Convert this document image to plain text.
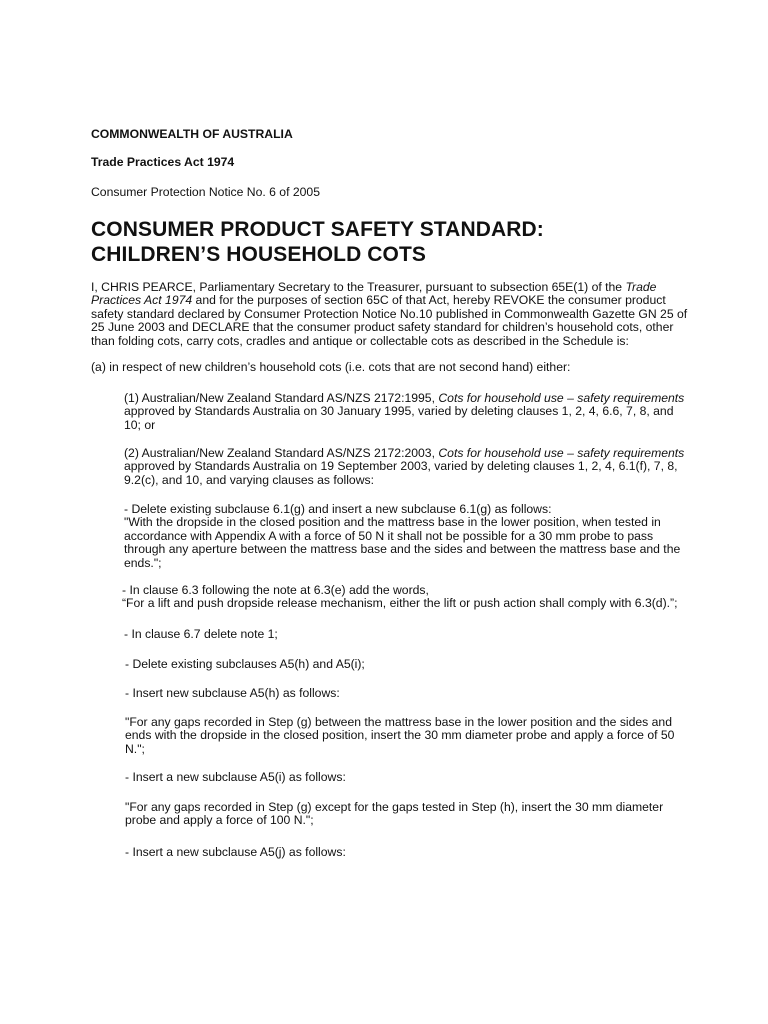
COMMONWEALTH OF AUSTRALIA

Trade Practices Act 1974

Consumer Protection Notice No. 6 of 2005

CONSUMER PRODUCT SAFETY STANDARD:
CHILDREN’S HOUSEHOLD COTS
I, CHRIS PEARCE, Parliamentary Secretary to the Treasurer, pursuant to subsection 65E(1) of the Trade
Practices Act 1974 and for the purposes of section 65C of that Act, hereby REVOKE the consumer product
safety standard declared by Consumer Protection Notice No.10 published in Commonwealth Gazette GN 25 of
25 June 2003 and DECLARE that the consumer product safety standard for children’s household cots, other
than folding cots, carry cots, cradles and antique or collectable cots as described in the Schedule is:

(a) in respect of new children’s household cots (i.e. cots that are not second hand) either:

(1) Australian/New Zealand Standard AS/NZS 2172:1995, Cots for household use – safety requirements
approved by Standards Australia on 30 January 1995, varied by deleting clauses 1, 2, 4, 6.6, 7, 8, and
10; or
(2) Australian/New Zealand Standard AS/NZS 2172:2003, Cots for household use – safety requirements
approved by Standards Australia on 19 September 2003, varied by deleting clauses 1, 2, 4, 6.1(f), 7, 8,
9.2(c), and 10, and varying clauses as follows:
- Delete existing subclause 6.1(g) and insert a new subclause 6.1(g) as follows:
"With the dropside in the closed position and the mattress base in the lower position, when tested in
accordance with Appendix A with a force of 50 N it shall not be possible for a 30 mm probe to pass
through any aperture between the mattress base and the sides and between the mattress base and the
ends.";
- In clause 6.3 following the note at 6.3(e) add the words,
“For a lift and push dropside release mechanism, either the lift or push action shall comply with 6.3(d).”;

- In clause 6.7 delete note 1;

- Delete existing subclauses A5(h) and A5(i);

- Insert new subclause A5(h) as follows:

"For any gaps recorded in Step (g) between the mattress base in the lower position and the sides and
ends with the dropside in the closed position, insert the 30 mm diameter probe and apply a force of 50
N.";

- Insert a new subclause A5(i) as follows:

"For any gaps recorded in Step (g) except for the gaps tested in Step (h), insert the 30 mm diameter
probe and apply a force of 100 N.";

- Insert a new subclause A5(j) as follows:
